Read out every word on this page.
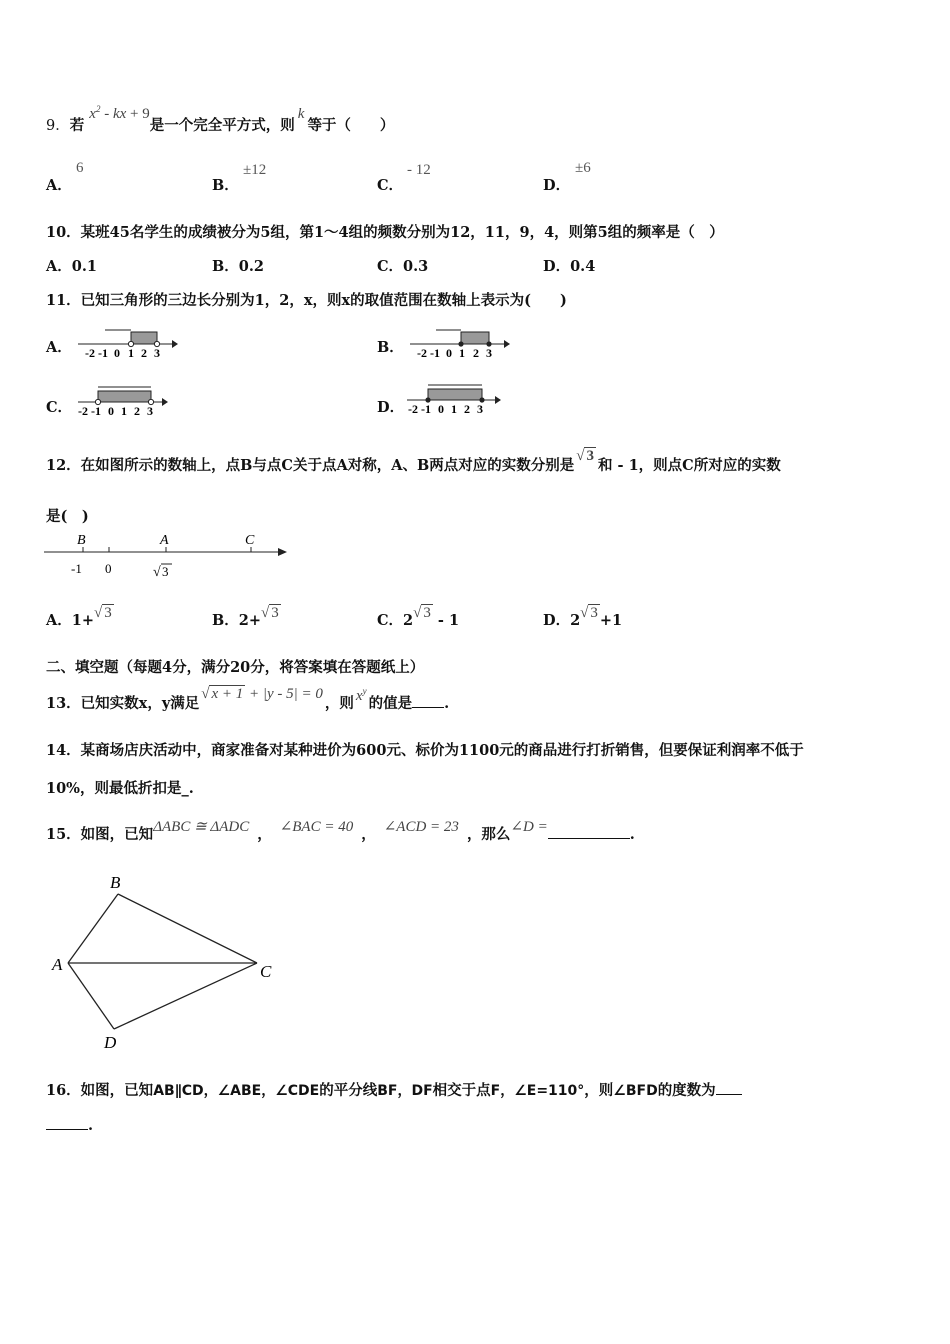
9．若 $x^2$ - kx + 9是一个完全平方式，则k等于（　　）
A．
6
B．
±12
C．
- 12
D．
±6
10．某班45名学生的成绩被分为5组，第1～4组的频数分别为12，11，9，4，则第5组的频率是（　）
A．0.1	B．0.2	C．0.3	D．0.4
11．已知三角形的三边长分别为1，2，x，则x的取值范围在数轴上表示为(　　)
A． -2 -1 0 1 2 3	B． -2 -1 0 1 2 3
C． -2 -1 0 1 2 3	D． -2 -1 0 1 2 3
12．在如图所示的数轴上，点B与点C关于点A对称，A、B两点对应的实数分别是√ 3和 - 1，则点C所对应的实数
是(　)
B	A	C
-1 0	√ 3
A．1+√ 3	B．2+√ 3	C．2√ 3 - 1	D．2√ 3 +1
二、填空题（每题4分，满分20分，将答案填在答题纸上）
13．已知实数x，y满足√ x + 1 + |y - 5| = 0，则 $x^y$的值是 .
14．某商场店庆活动中，商家准备对某种进价为600元、标价为1100元的商品进行打折销售，但要保证利润率不低于
10%，则最低折扣是_.
15．如图，已知ΔABC ≅ ΔADC ， ∠BAC = 40 ， ∠ACD = 23 ，那么∠D =	.
B
A	C
D
16．如图，已知AB∥CD，∠ABE，∠CDE的平分线BF，DF相交于点F，∠E=110°，则∠BFD的度数为
.
